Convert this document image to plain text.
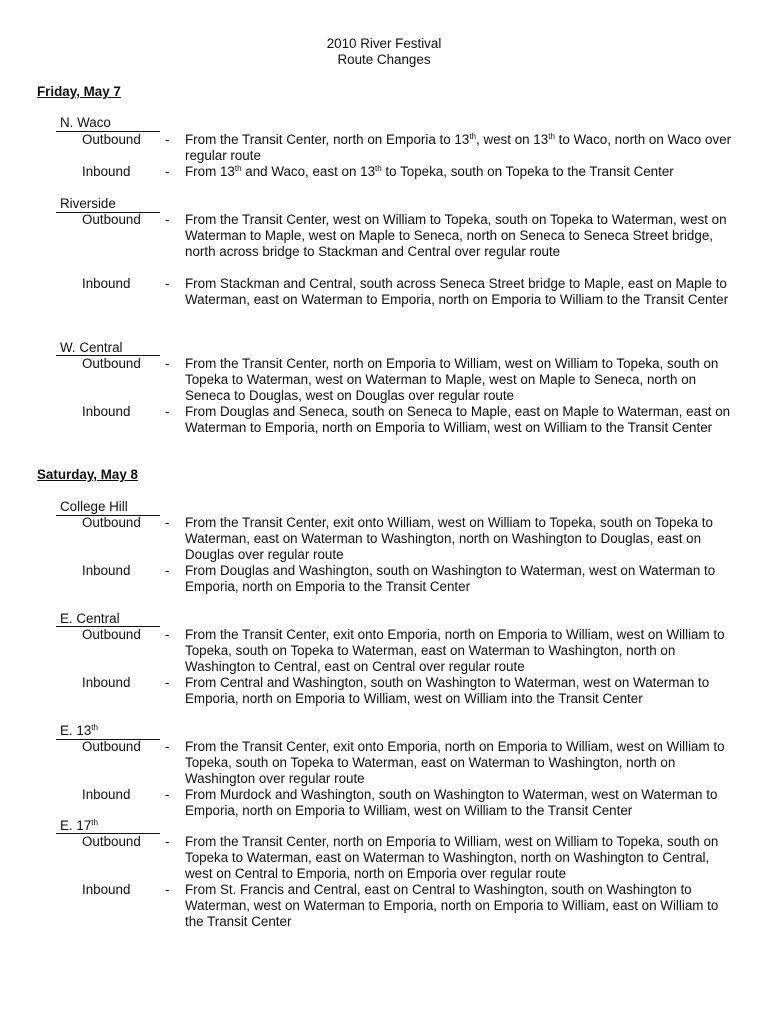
2010 River Festival
Route Changes
Friday, May 7
N. Waco
Outbound - From the Transit Center, north on Emporia to 13th, west on 13th to Waco, north on Waco over regular route
Inbound	- From 13th and Waco, east on 13th to Topeka, south on Topeka to the Transit Center
Riverside
Outbound - From the Transit Center, west on William to Topeka, south on Topeka to Waterman, west on Waterman to Maple, west on Maple to Seneca, north on Seneca to Seneca Street bridge, north across bridge to Stackman and Central over regular route
Inbound	- From Stackman and Central, south across Seneca Street bridge to Maple, east on Maple to Waterman, east on Waterman to Emporia, north on Emporia to William to the Transit Center
W. Central
Outbound - From the Transit Center, north on Emporia to William, west on William to Topeka, south on Topeka to Waterman, west on Waterman to Maple, west on Maple to Seneca, north on Seneca to Douglas, west on Douglas over regular route
Inbound	- From Douglas and Seneca, south on Seneca to Maple, east on Maple to Waterman, east on Waterman to Emporia, north on Emporia to William, west on William to the Transit Center
Saturday, May 8
College Hill
Outbound - From the Transit Center, exit onto William, west on William to Topeka, south on Topeka to Waterman, east on Waterman to Washington, north on Washington to Douglas, east on Douglas over regular route
Inbound	- From Douglas and Washington, south on Washington to Waterman, west on Waterman to Emporia, north on Emporia to the Transit Center
E. Central
Outbound - From the Transit Center, exit onto Emporia, north on Emporia to William, west on William to Topeka, south on Topeka to Waterman, east on Waterman to Washington, north on Washington to Central, east on Central over regular route
Inbound	- From Central and Washington, south on Washington to Waterman, west on Waterman to Emporia, north on Emporia to William, west on William into the Transit Center
E. 13th
Outbound - From the Transit Center, exit onto Emporia, north on Emporia to William, west on William to Topeka, south on Topeka to Waterman, east on Waterman to Washington, north on Washington over regular route
Inbound	- From Murdock and Washington, south on Washington to Waterman, west on Waterman to Emporia, north on Emporia to William, west on William to the Transit Center
E. 17th
Outbound - From the Transit Center, north on Emporia to William, west on William to Topeka, south on Topeka to Waterman, east on Waterman to Washington, north on Washington to Central, west on Central to Emporia, north on Emporia over regular route
Inbound	- From St. Francis and Central, east on Central to Washington, south on Washington to Waterman, west on Waterman to Emporia, north on Emporia to William, east on William to the Transit Center
